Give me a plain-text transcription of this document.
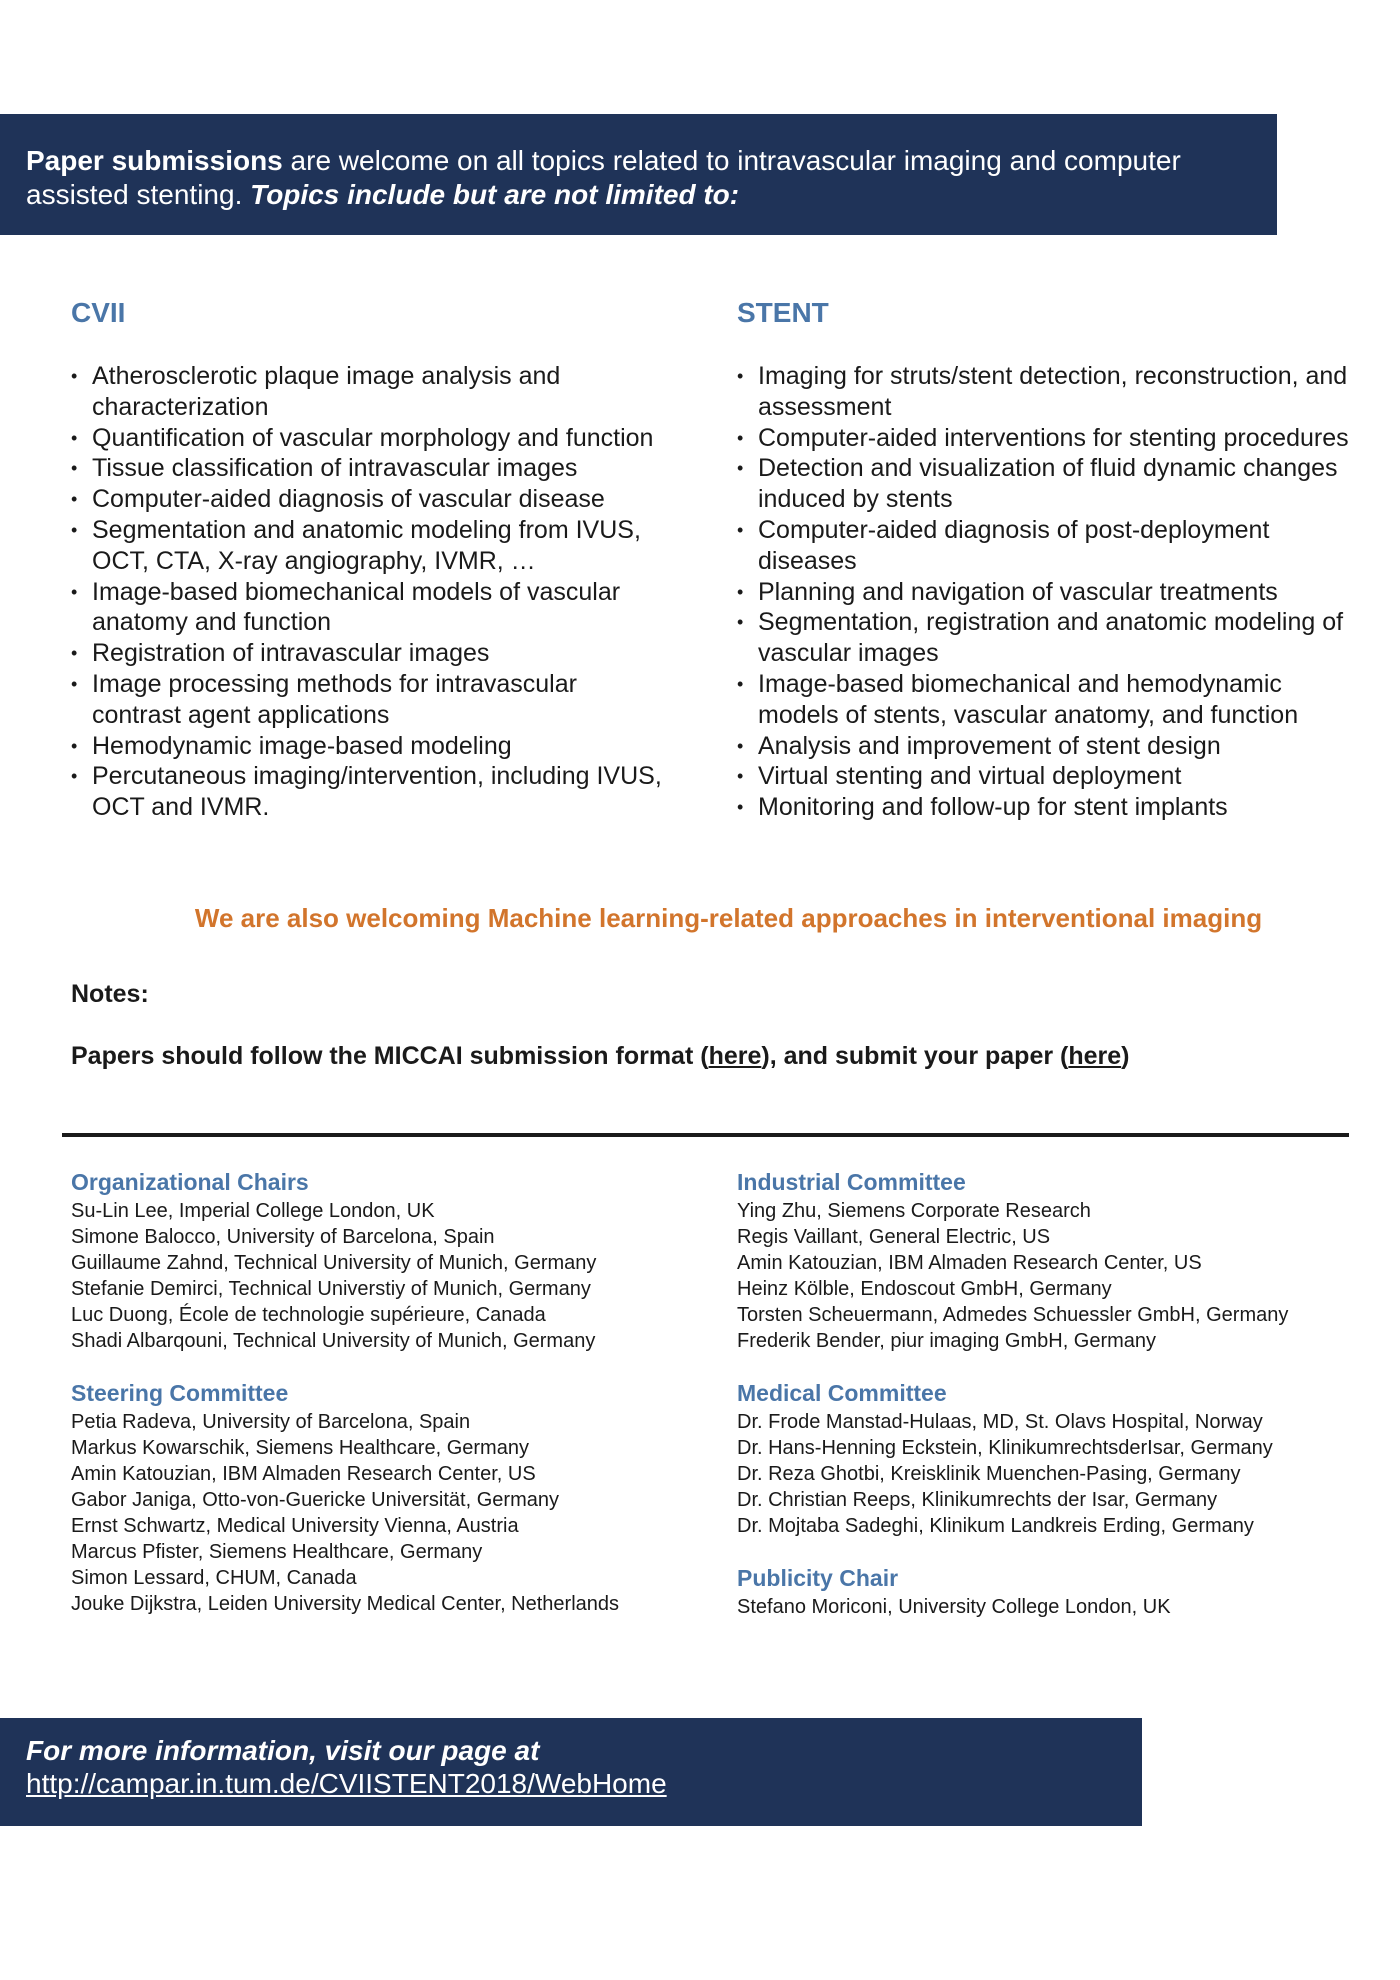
Paper submissions are welcome on all topics related to intravascular imaging and computer assisted stenting. Topics include but are not limited to:
CVII
• Atherosclerotic plaque image analysis and characterization
• Quantification of vascular morphology and function
• Tissue classification of intravascular images
• Computer-aided diagnosis of vascular disease
• Segmentation and anatomic modeling from IVUS, OCT, CTA, X-ray angiography, IVMR, …
• Image-based biomechanical models of vascular anatomy and function
• Registration of intravascular images
• Image processing methods for intravascular contrast agent applications
• Hemodynamic image-based modeling
• Percutaneous imaging/intervention, including IVUS, OCT and IVMR.
STENT
• Imaging for struts/stent detection, reconstruction, and assessment
• Computer-aided interventions for stenting procedures
• Detection and visualization of fluid dynamic changes induced by stents
• Computer-aided diagnosis of post-deployment diseases
• Planning and navigation of vascular treatments
• Segmentation, registration and anatomic modeling of vascular images
• Image-based biomechanical and hemodynamic models of stents, vascular anatomy, and function
• Analysis and improvement of stent design
• Virtual stenting and virtual deployment
• Monitoring and follow-up for stent implants
We are also welcoming Machine learning-related approaches in interventional imaging
Notes:
Papers should follow the MICCAI submission format (here), and submit your paper (here)
Organizational Chairs
Su-Lin Lee, Imperial College London, UK
Simone Balocco, University of Barcelona, Spain
Guillaume Zahnd, Technical University of Munich, Germany
Stefanie Demirci, Technical Universtiy of Munich, Germany
Luc Duong, École de technologie supérieure, Canada
Shadi Albarqouni, Technical University of Munich, Germany
Steering Committee
Petia Radeva, University of Barcelona, Spain
Markus Kowarschik, Siemens Healthcare, Germany
Amin Katouzian, IBM Almaden Research Center, US
Gabor Janiga, Otto-von-Guericke Universität, Germany
Ernst Schwartz, Medical University Vienna, Austria
Marcus Pfister, Siemens Healthcare, Germany
Simon Lessard, CHUM, Canada
Jouke Dijkstra, Leiden University Medical Center, Netherlands
Industrial Committee
Ying Zhu, Siemens Corporate Research
Regis Vaillant, General Electric, US
Amin Katouzian, IBM Almaden Research Center, US
Heinz Kölble, Endoscout GmbH, Germany
Torsten Scheuermann, Admedes Schuessler GmbH, Germany
Frederik Bender, piur imaging GmbH, Germany
Medical Committee
Dr. Frode Manstad-Hulaas, MD, St. Olavs Hospital, Norway
Dr. Hans-Henning Eckstein, KlinikumrechtsderIsar, Germany
Dr. Reza Ghotbi, Kreisklinik Muenchen-Pasing, Germany
Dr. Christian Reeps, Klinikumrechts der Isar, Germany
Dr. Mojtaba Sadeghi, Klinikum Landkreis Erding, Germany
Publicity Chair
Stefano Moriconi, University College London, UK
For more information, visit our page at
http://campar.in.tum.de/CVIISTENT2018/WebHome
